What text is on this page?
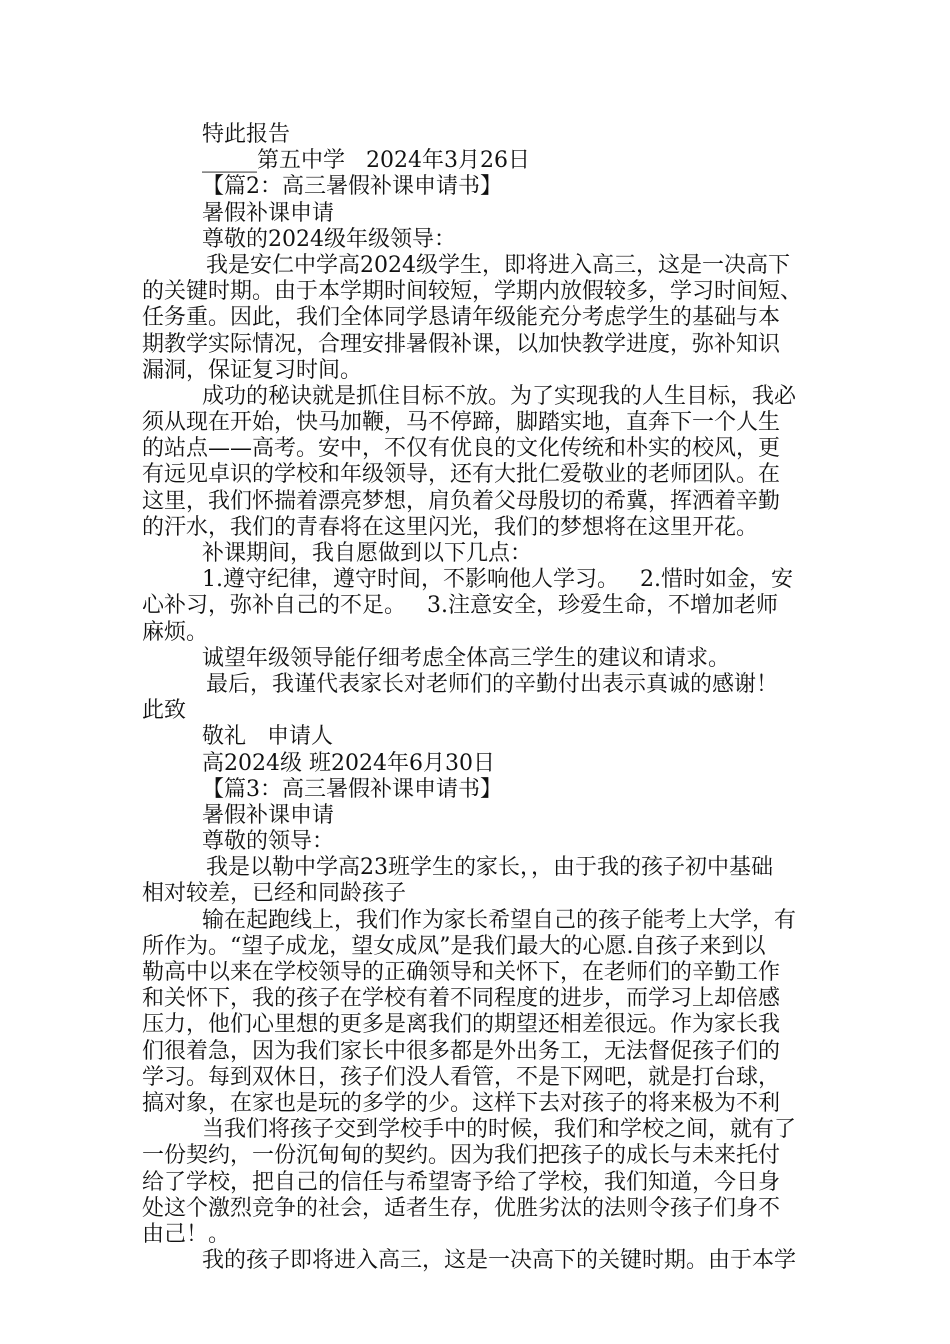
特此报告
_____第五中学   2024年3月26日
【篇2：高三暑假补课申请书】
暑假补课申请
尊敬的2024级年级领导：
我是安仁中学高2024级学生，即将进入高三，这是一决高下
的关键时期。由于本学期时间较短，学期内放假较多，学习时间短、
任务重。因此，我们全体同学恳请年级能充分考虑学生的基础与本
期教学实际情况，合理安排暑假补课，以加快教学进度，弥补知识
漏洞，保证复习时间。
成功的秘诀就是抓住目标不放。为了实现我的人生目标，我必
须从现在开始，快马加鞭，马不停蹄，脚踏实地，直奔下一个人生
的站点——高考。安中，不仅有优良的文化传统和朴实的校风，更
有远见卓识的学校和年级领导，还有大批仁爱敬业的老师团队。在
这里，我们怀揣着漂亮梦想，肩负着父母殷切的希冀，挥洒着辛勤
的汗水，我们的青春将在这里闪光，我们的梦想将在这里开花。
补课期间，我自愿做到以下几点：
1.遵守纪律，遵守时间，不影响他人学习。   2.惜时如金，安
心补习，弥补自己的不足。   3.注意安全，珍爱生命，不增加老师
麻烦。
诚望年级领导能仔细考虑全体高三学生的建议和请求。
最后，我谨代表家长对老师们的辛勤付出表示真诚的感谢！
此致
敬礼   申请人
高2024级 班2024年6月30日
【篇3：高三暑假补课申请书】
暑假补课申请
尊敬的领导：
我是以勒中学高23班学生的家长，，由于我的孩子初中基础
相对较差，已经和同龄孩子
输在起跑线上，我们作为家长希望自己的孩子能考上大学，有
所作为。“望子成龙，望女成凤”是我们最大的心愿.自孩子来到以
勒高中以来在学校领导的正确领导和关怀下，在老师们的辛勤工作
和关怀下，我的孩子在学校有着不同程度的进步，而学习上却倍感
压力，他们心里想的更多是离我们的期望还相差很远。作为家长我
们很着急，因为我们家长中很多都是外出务工，无法督促孩子们的
学习。每到双休日，孩子们没人看管，不是下网吧，就是打台球，
搞对象，在家也是玩的多学的少。这样下去对孩子的将来极为不利
当我们将孩子交到学校手中的时候，我们和学校之间，就有了
一份契约，一份沉甸甸的契约。因为我们把孩子的成长与未来托付
给了学校，把自己的信任与希望寄予给了学校，我们知道，今日身
处这个激烈竞争的社会，适者生存，优胜劣汰的法则令孩子们身不
由己！。
我的孩子即将进入高三，这是一决高下的关键时期。由于本学
